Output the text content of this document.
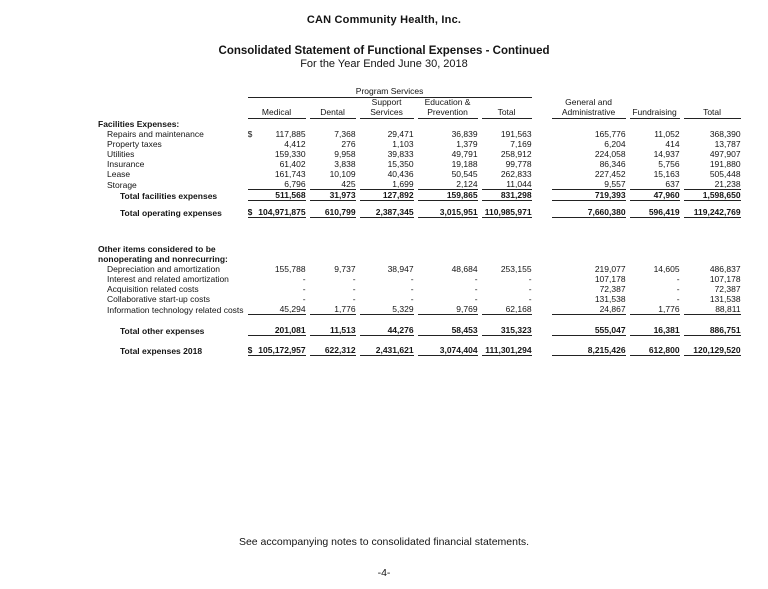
CAN Community Health, Inc.
Consolidated Statement of Functional Expenses - Continued
For the Year Ended June 30, 2018
	Program Services								
	Medical	Dental	Support Services	Education & Prevention	Total		General and Administrative	Fundraising	Total
Facilities Expenses:									
Repairs and maintenance	$ 117,885	7,368	29,471	36,839	191,563		165,776	11,052	368,390
Property taxes	4,412	276	1,103	1,379	7,169		6,204	414	13,787
Utilities	159,330	9,958	39,833	49,791	258,912		224,058	14,937	497,907
Insurance	61,402	3,838	15,350	19,188	99,778		86,346	5,756	191,880
Lease	161,743	10,109	40,436	50,545	262,833		227,452	15,163	505,448
Storage	6,796	425	1,699	2,124	11,044		9,557	637	21,238
Total facilities expenses	511,568	31,973	127,892	159,865	831,298		719,393	47,960	1,598,650
Total operating expenses	$ 104,971,875	610,799	2,387,345	3,015,951	110,985,971		7,660,380	596,419	119,242,769
Other items considered to be									
nonoperating and nonrecurring:									
Depreciation and amortization	155,788	9,737	38,947	48,684	253,155		219,077	14,605	486,837
Interest and related amortization	-	-	-	-	-		107,178	-	107,178
Acquisition related costs	-	-	-	-	-		72,387	-	72,387
Collaborative start-up costs	-	-	-	-	-		131,538	-	131,538
Information technology related costs	45,294	1,776	5,329	9,769	62,168		24,867	1,776	88,811
Total other expenses	201,081	11,513	44,276	58,453	315,323		555,047	16,381	886,751
Total expenses 2018	$ 105,172,957	622,312	2,431,621	3,074,404	111,301,294		8,215,426	612,800	120,129,520
See accompanying notes to consolidated financial statements.
-4-
